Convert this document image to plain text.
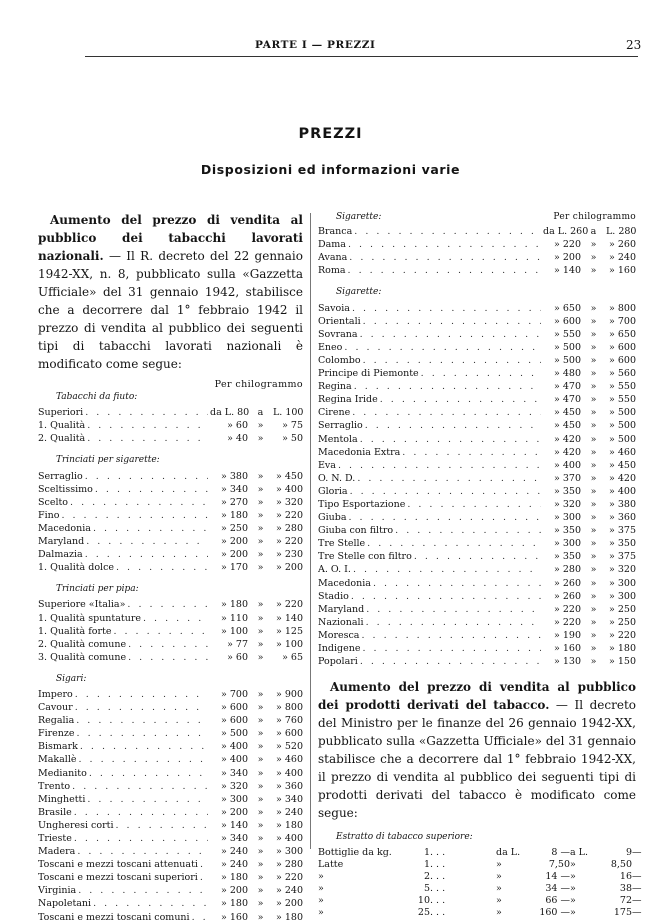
PARTE I — PREZZI	23
PREZZI
Disposizioni ed informazioni varie

Aumento del prezzo di vendita al pubblico dei tabacchi lavorati nazionali. — Il R. decreto del 22 gennaio 1942-XX, n. 8, pubblicato sulla «Gazzetta Ufficiale» del 31 gennaio 1942, stabilisce che a decorrere dal 1° febbraio 1942 il prezzo di vendita al pubblico dei seguenti tipi di tabacchi lavorati nazionali è modificato come segue:

Per chilogrammo
Tabacchi da fiuto:
Superiori . . .	da L. 80 a	L. 100
1. Qualità . . .	» 60	»	» 75
2. Qualità . . .	» 40	»	» 50
Trinciati per sigarette:
Serraglio . . .	» 380	»	» 450
Sceltissimo . . .	» 340	»	» 400
Scelto . . .	» 270	»	» 320
Fino . . .	» 180	»	» 220
Macedonia . . .	» 250	»	» 280
Maryland . . .	» 200	»	» 220
Dalmazia . . .	» 200	»	» 230
1. Qualità dolce . . .	» 170	»	» 200
Trinciati per pipa:
Superiore «Italia» . . .	» 180	»	» 220
1. Qualità spuntature . . .	» 110	»	» 140
1. Qualità forte . . .	» 100	»	» 125
2. Qualità comune . . .	» 77	»	» 100
3. Qualità comune . . .	» 60	»	» 65
Sigari:
Impero . . .	» 700	»	» 900
Cavour . . .	» 600	»	» 800
Regalia . . .	» 600	»	» 760
Firenze . . .	» 500	»	» 600
Bismark . . .	» 400	»	» 520
Makallè . . .	» 400	»	» 460
Medianito . . .	» 340	»	» 400
Trento . . .	» 320	»	» 360
Minghetti . . .	» 300	»	» 340
Brasile . . .	» 200	»	» 240
Ungheresi corti . . .	» 140	»	» 180
Trieste . . .	» 340	»	» 400
Madera . . .	» 240	»	» 300
Toscani e mezzi toscani attenuati . . .	» 240	»	» 280
Toscani e mezzi toscani superiori . . .	» 180	»	» 220
Virginia . . .	» 200	»	» 240
Napoletani . . .	» 180	»	» 200
Toscani e mezzi toscani comuni . . .	» 160	»	» 180
Sigarette:	Per chilogrammo
Branca . . .	da L. 260 a	L. 280
Dama . . .	» 220	»	» 260
Avana . . .	» 200	»	» 240
Roma . . .	» 140	»	» 160
Sigarette:
Savoia . . .	» 650	»	» 800
Orientali . . .	» 600	»	» 700
Sovrana . . .	» 550	»	» 650
Eneo . . .	» 500	»	» 600
Colombo . . .	» 500	»	» 600
Principe di Piemonte . . .	» 480	»	» 560
Regina . . .	» 470	»	» 550
Regina Iride . . .	» 470	»	» 550
Cirene . . .	» 450	»	» 500
Serraglio . . .	» 450	»	» 500
Mentola . . .	» 420	»	» 500
Macedonia Extra . . .	» 420	»	» 460
Eva . . .	» 400	»	» 450
O. N. D. . . .	» 370	»	» 420
Gloria . . .	» 350	»	» 400
Tipo Esportazione . . .	» 320	»	» 380
Giuba . . .	» 300	»	» 360
Giuba con filtro . . .	» 350	»	» 375
Tre Stelle . . .	» 300	»	» 350
Tre Stelle con filtro . . .	» 350	»	» 375
A. O. I. . . .	» 280	»	» 320
Macedonia . . .	» 260	»	» 300
Stadio . . .	» 260	»	» 300
Maryland . . .	» 220	»	» 250
Nazionali . . .	» 220	»	» 250
Moresca . . .	» 190	»	» 220
Indigene . . .	» 160	»	» 180
Popolari . . .	» 130	»	» 150

Aumento del prezzo di vendita al pubblico dei prodotti derivati del tabacco. — Il decreto del Ministro per le finanze del 26 gennaio 1942-XX, pubblicato sulla «Gazzetta Ufficiale» del 31 gennaio stabilisce che a decorrere dal 1° febbraio 1942-XX, il prezzo di vendita al pubblico dei seguenti tipi di prodotti derivati del tabacco è modificato come segue:

Estratto di tabacco superiore:
Bottiglie da kg.	1 . . .	da L.	8 — a L.	9 —
Latte	1 . . .	»	7,50 »	8,50
»	2 . . .	»	14 — »	16 —
»	5 . . .	»	34 — »	38 —
»	10 . . .	»	66 — »	72 —
»	25 . . .	»	160 — »	175 —
